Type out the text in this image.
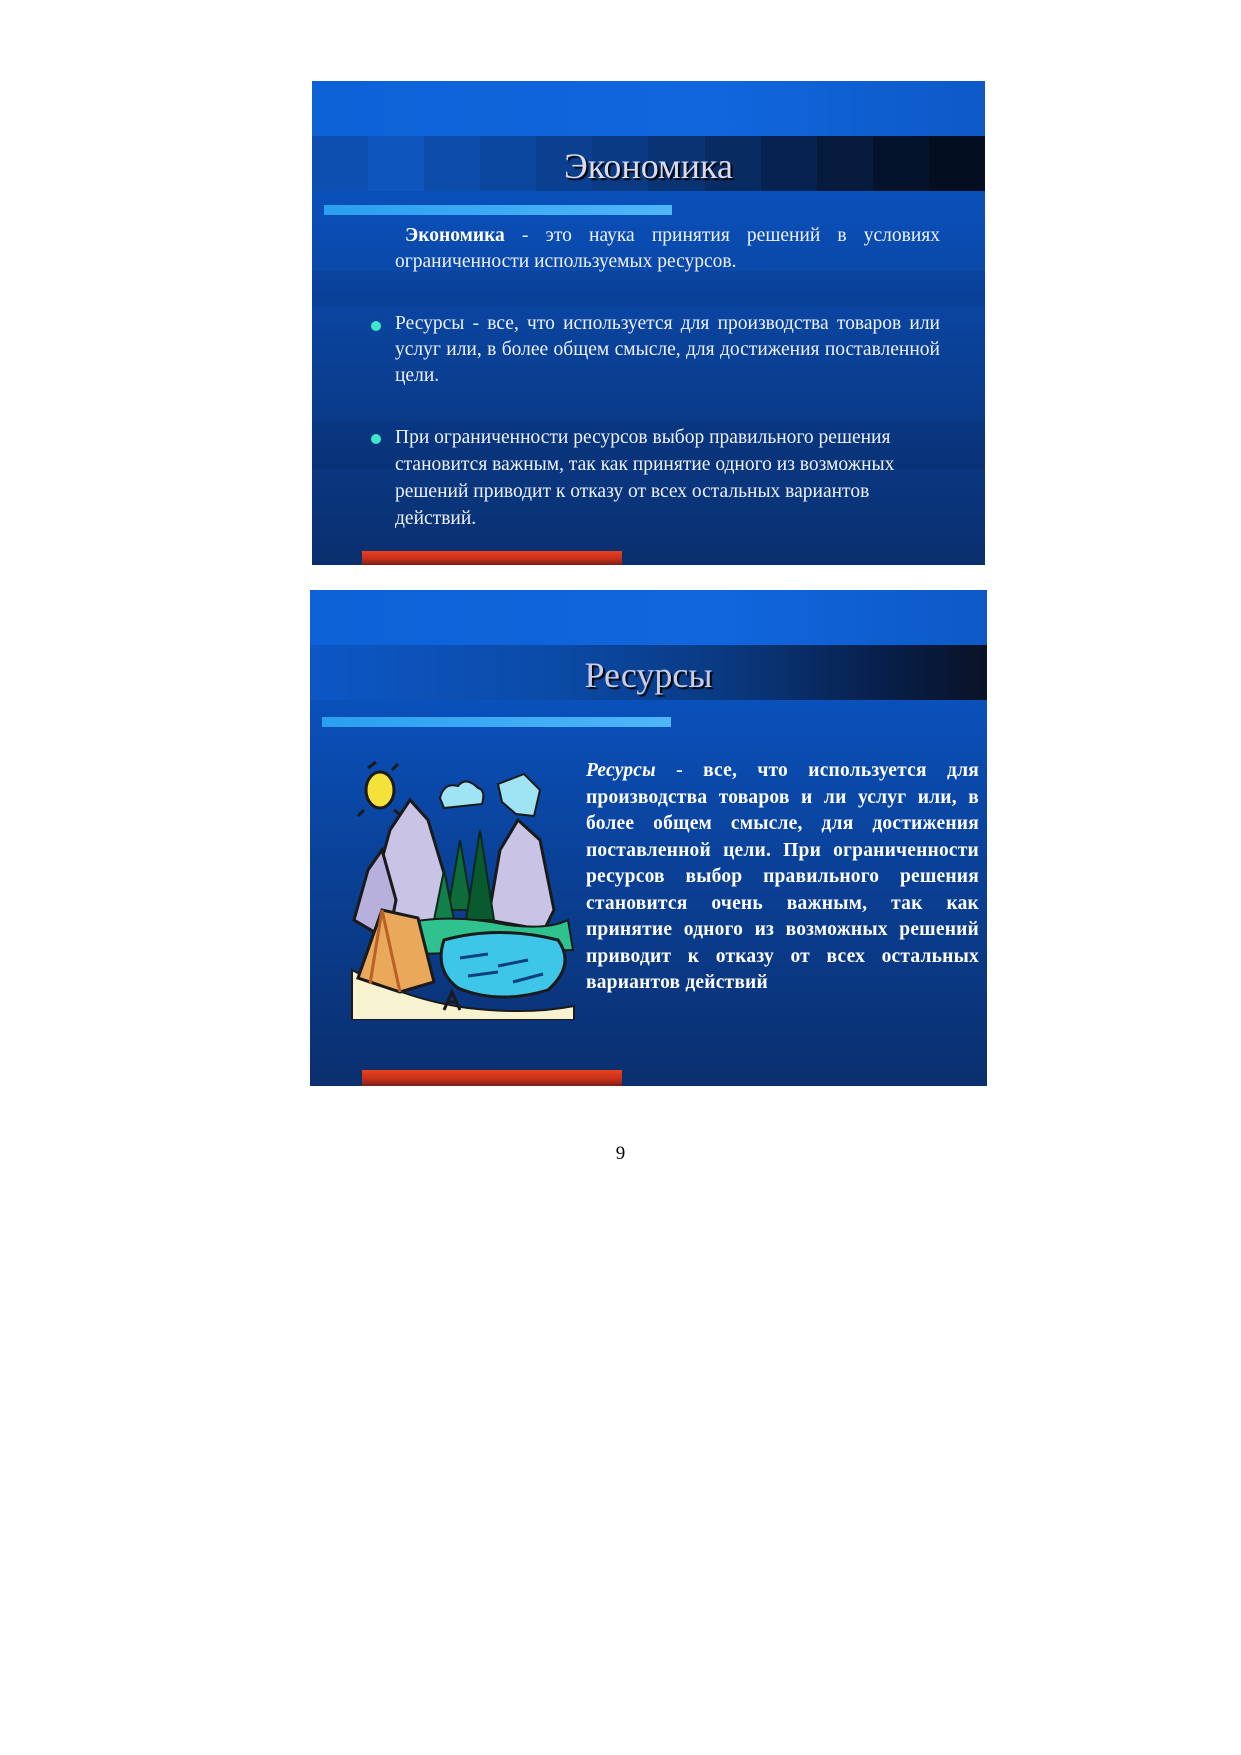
Экономика
Экономика - это наука принятия решений в условиях ограниченности используемых ресурсов.
Ресурсы - все, что используется для производства товаров или услуг или, в более общем смысле, для достижения поставленной цели.
При ограниченности ресурсов выбор правильного решения становится важным, так как принятие одного из возможных решений приводит к отказу от всех остальных вариантов действий.
Ресурсы
Ресурсы - все, что используется для производства товаров и ли услуг или, в более общем смысле, для достижения поставленной цели. При ограниченности ресурсов выбор правильного решения становится очень важным, так как принятие одного из возможных решений приводит к отказу от всех остальных вариантов действий
9
